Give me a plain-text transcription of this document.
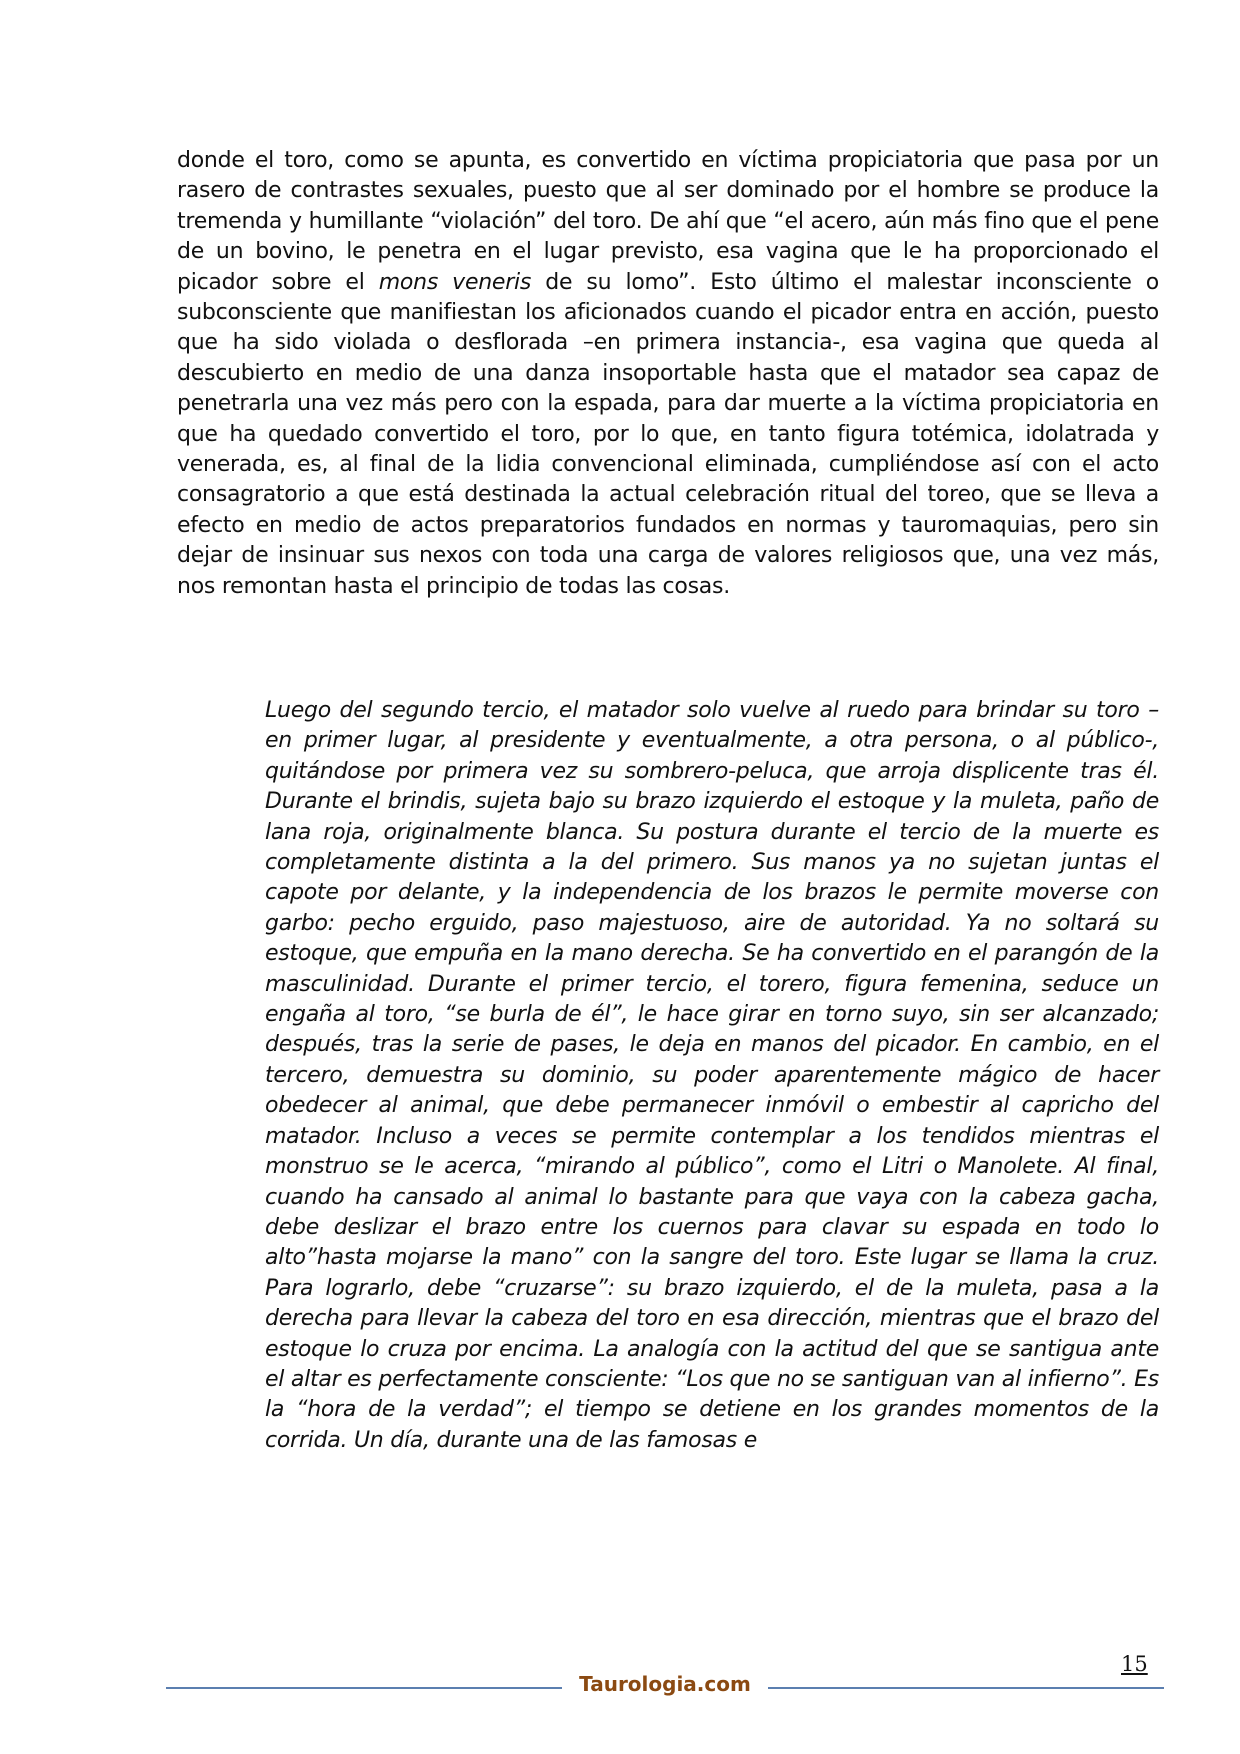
donde el toro, como se apunta, es convertido en víctima propiciatoria que pasa por un rasero de contrastes sexuales, puesto que al ser dominado por el hombre se produce la tremenda y humillante “violación” del toro. De ahí que “el acero, aún más fino que el pene de un bovino, le penetra en el lugar previsto, esa vagina que le ha proporcionado el picador sobre el mons veneris de su lomo”. Esto último el malestar inconsciente o subconsciente que manifiestan los aficionados cuando el picador entra en acción, puesto que ha sido violada o desflorada –en primera instancia-, esa vagina que queda al descubierto en medio de una danza insoportable hasta que el matador sea capaz de penetrarla una vez más pero con la espada, para dar muerte a la víctima propiciatoria en que ha quedado convertido el toro, por lo que, en tanto figura totémica, idolatrada y venerada, es, al final de la lidia convencional eliminada, cumpliéndose así con el acto consagratorio a que está destinada la actual celebración ritual del toreo, que se lleva a efecto en medio de actos preparatorios fundados en normas y tauromaquias, pero sin dejar de insinuar sus nexos con toda una carga de valores religiosos que, una vez más, nos remontan hasta el principio de todas las cosas.

Luego del segundo tercio, el matador solo vuelve al ruedo para brindar su toro –en primer lugar, al presidente y eventualmente, a otra persona, o al público-, quitándose por primera vez su sombrero-peluca, que arroja displicente tras él. Durante el brindis, sujeta bajo su brazo izquierdo el estoque y la muleta, paño de lana roja, originalmente blanca. Su postura durante el tercio de la muerte es completamente distinta a la del primero. Sus manos ya no sujetan juntas el capote por delante, y la independencia de los brazos le permite moverse con garbo: pecho erguido, paso majestuoso, aire de autoridad. Ya no soltará su estoque, que empuña en la mano derecha. Se ha convertido en el parangón de la masculinidad. Durante el primer tercio, el torero, figura femenina, seduce un engaña al toro, “se burla de él”, le hace girar en torno suyo, sin ser alcanzado; después, tras la serie de pases, le deja en manos del picador. En cambio, en el tercero, demuestra su dominio, su poder aparentemente mágico de hacer obedecer al animal, que debe permanecer inmóvil o embestir al capricho del matador. Incluso a veces se permite contemplar a los tendidos mientras el monstruo se le acerca, “mirando al público”, como el Litri o Manolete. Al final, cuando ha cansado al animal lo bastante para que vaya con la cabeza gacha, debe deslizar el brazo entre los cuernos para clavar su espada en todo lo alto”hasta mojarse la mano” con la sangre del toro. Este lugar se llama la cruz. Para lograrlo, debe “cruzarse”: su brazo izquierdo, el de la muleta, pasa a la derecha para llevar la cabeza del toro en esa dirección, mientras que el brazo del estoque lo cruza por encima. La analogía con la actitud del que se santigua ante el altar es perfectamente consciente: “Los que no se santiguan van al infierno”. Es la “hora de la verdad”; el tiempo se detiene en los grandes momentos de la corrida. Un día, durante una de las famosas e

Taurologia.com
15
